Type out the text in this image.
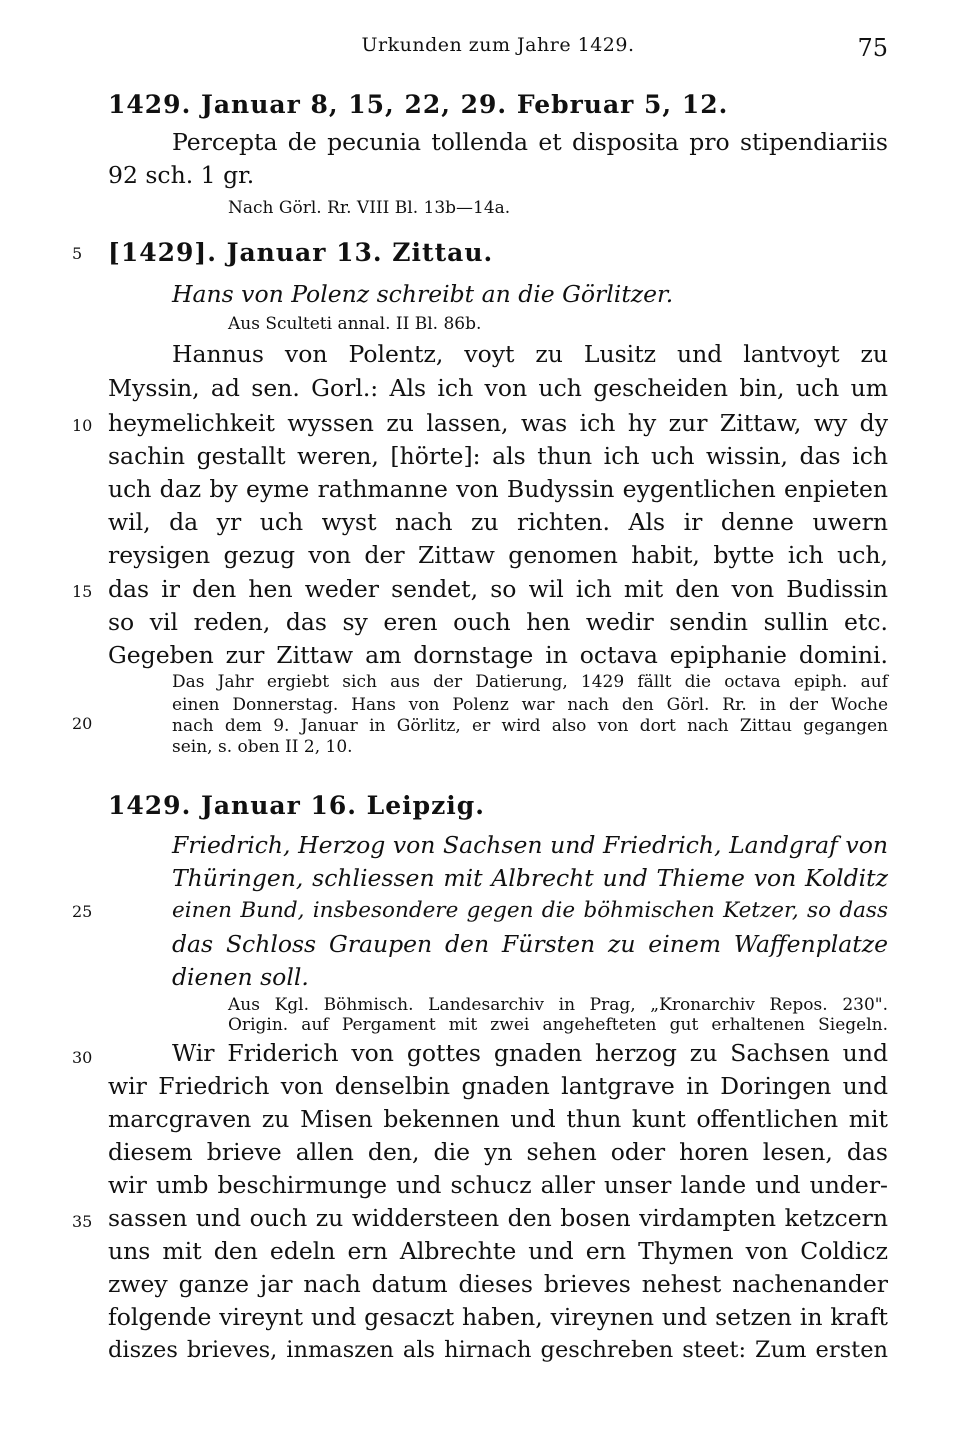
Urkunden zum Jahre 1429.	75
1429. Januar 8, 15, 22, 29. Februar 5, 12.
Percepta de pecunia tollenda et disposita pro stipendiariis
92 sch. 1 gr.
Nach Görl. Rr. VIII Bl. 13b—14a.
5 [1429]. Januar 13. Zittau.
Hans von Polenz schreibt an die Görlitzer.
Aus Sculteti annal. II Bl. 86b.
Hannus von Polentz, voyt zu Lusitz und lantvoyt zu
Myssin, ad sen. Gorl.: Als ich von uch gescheiden bin, uch um
10 heymelichkeit wyssen zu lassen, was ich hy zur Zittaw, wy dy
sachin gestallt weren, [hörte]: als thun ich uch wissin, das ich
uch daz by eyme rathmanne von Budyssin eygentlichen enpieten
wil, da yr uch wyst nach zu richten. Als ir denne uwern
reysigen gezug von der Zittaw genomen habit, bytte ich uch,
15 das ir den hen weder sendet, so wil ich mit den von Budissin
so vil reden, das sy eren ouch hen wedir sendin sullin etc.
Gegeben zur Zittaw am dornstage in octava epiphanie domini.
Das Jahr ergiebt sich aus der Datierung, 1429 fällt die octava epiph. auf
einen Donnerstag. Hans von Polenz war nach den Görl. Rr. in der Woche
20	nach dem 9. Januar in Görlitz, er wird also von dort nach Zittau gegangen
sein, s. oben II 2, 10.
1429. Januar 16. Leipzig.
Friedrich, Herzog von Sachsen und Friedrich, Landgraf von
Thüringen, schliessen mit Albrecht und Thieme von Kolditz
25	einen Bund, insbesondere gegen die böhmischen Ketzer, so dass
das Schloss Graupen den Fürsten zu einem Waffenplatze
dienen soll.
Aus Kgl. Böhmisch. Landesarchiv in Prag, „Kronarchiv Repos. 230".
Origin. auf Pergament mit zwei angehefteten gut erhaltenen Siegeln.
30	Wir Friderich von gottes gnaden herzog zu Sachsen und
wir Friedrich von denselbin gnaden lantgrave in Doringen und
marcgraven zu Misen bekennen und thun kunt offentlichen mit
diesem brieve allen den, die yn sehen oder horen lesen, das
wir umb beschirmunge und schucz aller unser lande und under-
35 sassen und ouch zu widdersteen den bosen virdampten ketzcern
uns mit den edeln ern Albrechte und ern Thymen von Coldicz
zwey ganze jar nach datum dieses brieves nehest nachenander
folgende vireynt und gesaczt haben, vireynen und setzen in kraft
diszes brieves, inmaszen als hirnach geschreben steet: Zum ersten
